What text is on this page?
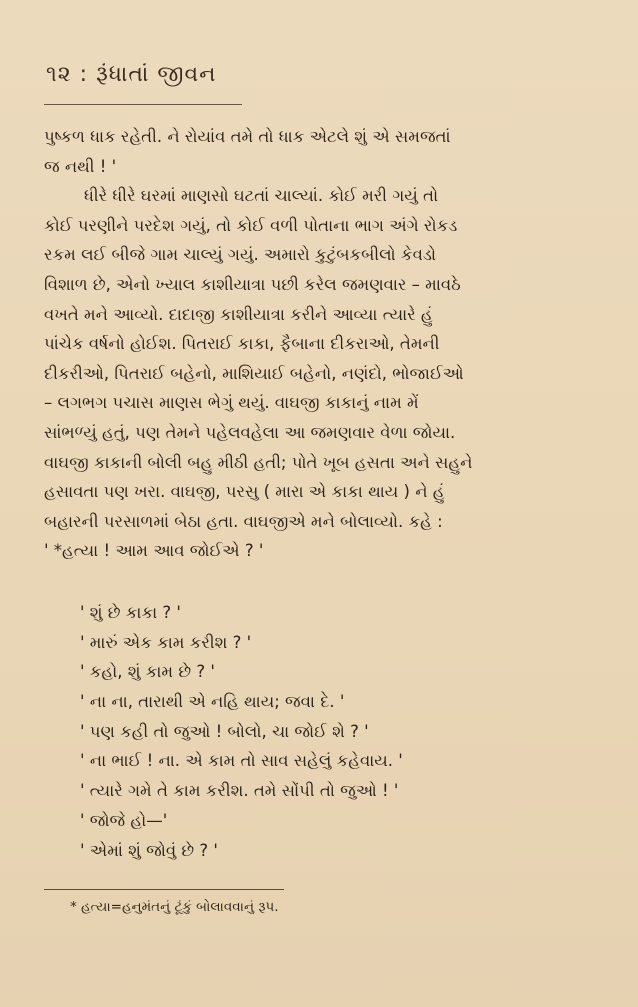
૧૨ : રૂંધાતાં જીવન
પુષ્કળ ધાક રહેતી. ને રોયાંવ તમે તો ધાક એટલે શું એ સમજતાં
જ નથી ! '
ધીરે ધીરે ઘરમાં માણસો ઘટતાં ચાલ્યાં. કોઈ મરી ગયું તો
કોઈ પરણીને પરદેશ ગયું, તો કોઈ વળી પોતાના ભાગ અંગે રોકડ
રકમ લઈ બીજે ગામ ચાલ્યું ગયું. અમારો કુટુંબકબીલો કેવડો
વિશાળ છે, એનો ખ્યાલ કાશીયાત્રા પછી કરેલ જમણવાર – માવઠે
વખતે મને આવ્યો. દાદાજી કાશીયાત્રા કરીને આવ્યા ત્યારે હું
પાંચેક વર્ષનો હોઈશ. પિતરાઈ કાકા, ફૈબાના દીકરાઓ, તેમની
દીકરીઓ, પિતરાઈ બહેનો, માશિયાઈ બહેનો, નણંદો, ભોજાઈઓ
– લગભગ પચાસ માણસ ભેગું થયું. વાઘજી કાકાનું નામ મેં
સાંભળ્યું હતું, પણ તેમને પહેલવહેલા આ જમણવાર વેળા જોયા.
વાઘજી કાકાની બોલી બહુ મીઠી હતી; પોતે ખૂબ હસતા અને સહુને
હસાવતા પણ ખરા. વાઘજી, પરસુ ( મારા એ કાકા થાય ) ને હું
બહારની પરસાળમાં બેઠા હતા. વાઘજીએ મને બોલાવ્યો. કહે :
' *હત્યા ! આમ આવ જોઈએ ? '
' શું છે કાકા ? '
' મારું એક કામ કરીશ ? '
' કહો, શું કામ છે ? '
' ના ના, તારાથી એ નહિ થાય; જવા દે. '
' પણ કહી તો જુઓ ! બોલો, ચા જોઈ શે ? '
' ના ભાઈ ! ના. એ કામ તો સાવ સહેલું કહેવાય. '
' ત્યારે ગમે તે કામ કરીશ. તમે સોંપી તો જુઓ ! '
' જોજે હો—'
' એમાં શું જોવું છે ? '
* હત્યા=હનુમંતનું ટૂંકું બોલાવવાનું રૂપ.
